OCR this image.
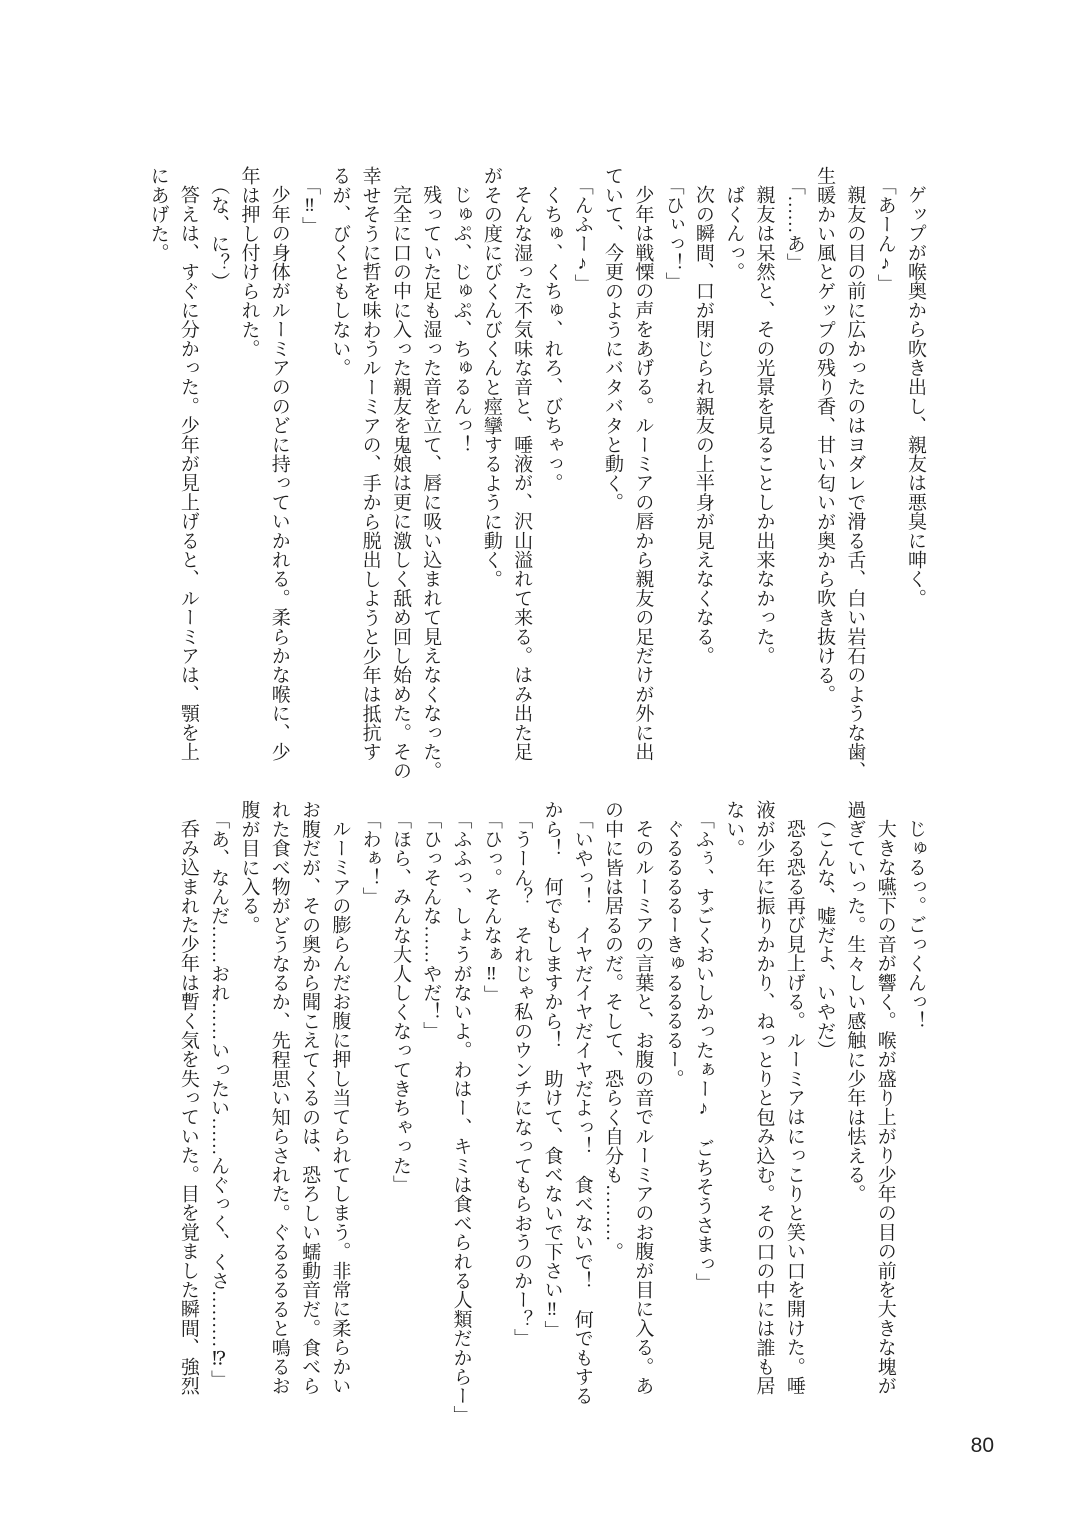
ゲップが喉奥から吹き出し、親友は悪臭に呻く。
「あーん♪」
親友の目の前に広かったのはヨダレで滑る舌、白い岩石のような歯、
生暖かい風とゲップの残り香、甘い匂いが奥から吹き抜ける。
「……あ」
親友は呆然と、その光景を見ることしか出来なかった。
ばくんっ。
次の瞬間、口が閉じられ親友の上半身が見えなくなる。
「ひぃっ！」
少年は戦慄の声をあげる。ルーミアの唇から親友の足だけが外に出
ていて、今更のようにバタバタと動く。
「んふー♪」
くちゅ、くちゅ、れろ、びちゃっ。
そんな湿った不気味な音と、唾液が、沢山溢れて来る。はみ出た足
がその度にびくんびくんと痙攣するように動く。
じゅぷ、じゅぷ、ちゅるんっ！
残っていた足も湿った音を立て、唇に吸い込まれて見えなくなった。
完全に口の中に入った親友を鬼娘は更に激しく舐め回し始めた。その
幸せそうに哲を味わうルーミアの、手から脱出しようと少年は抵抗す
るが、びくともしない。
「‼」
少年の身体がルーミアののどに持っていかれる。柔らかな喉に、少
年は押し付けられた。
（な、に？）
答えは、すぐに分かった。少年が見上げると、ルーミアは、顎を上
にあげた。
じゅるっ。ごっくんっ！
大きな嚥下の音が響く。喉が盛り上がり少年の目の前を大きな塊が
過ぎていった。生々しい感触に少年は怯える。
（こんな、嘘だよ、いやだ）
恐る恐る再び見上げる。ルーミアはにっこりと笑い口を開けた。唾
液が少年に振りかかり、ねっとりと包み込む。その口の中には誰も居
ない。
「ふぅ、すごくおいしかったぁー♪　ごちそうさまっ」
ぐるるるるーきゅるるるるー。
そのルーミアの言葉と、お腹の音でルーミアのお腹が目に入る。あ
の中に皆は居るのだ。そして、恐らく自分も………。
「いやっ！　イヤだイヤだイヤだよっ！　食べないで！　何でもする
から！　何でもしますから！　助けて、食べないで下さい‼」
「うーん？　それじゃ私のウンチになってもらおうのかー？」
「ひっ。そんなぁ‼」
「ふふっ、しょうがないよ。わはー、キミは食べられる人類だからー」
「ひっそんな……やだ！」
「ほら、みんな大人しくなってきちゃった」
「わぁ！」
ルーミアの膨らんだお腹に押し当てられてしまう。非常に柔らかい
お腹だが、その奥から聞こえてくるのは、恐ろしい蠕動音だ。食べら
れた食べ物がどうなるか、先程思い知らされた。ぐるるるると鳴るお
腹が目に入る。
「あ、なんだ……おれ……いったい……んぐっく、くさ………⁉」
呑み込まれた少年は暫く気を失っていた。目を覚ました瞬間、強烈
80
